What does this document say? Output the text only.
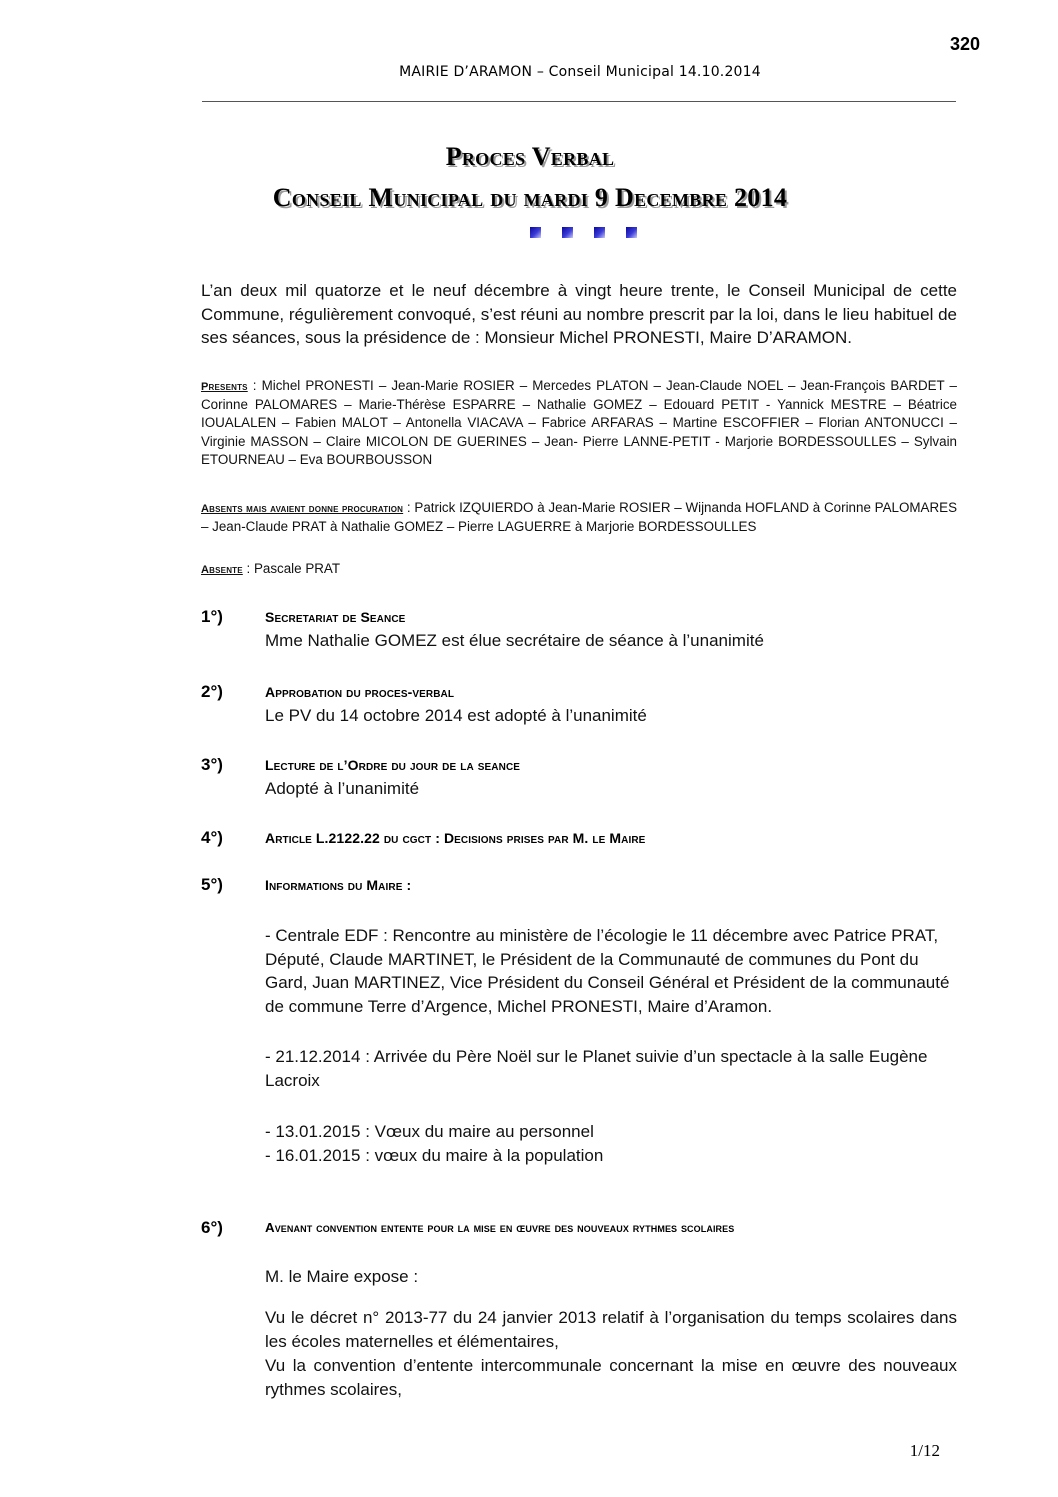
320
MAIRIE D’ARAMON – Conseil Municipal 14.10.2014
Proces Verbal
Conseil Municipal du mardi 9 Decembre 2014
L’an deux mil quatorze et le neuf décembre à vingt heure trente, le Conseil Municipal de cette Commune, régulièrement convoqué, s’est réuni au nombre prescrit par la loi, dans le lieu habituel de ses séances, sous la présidence de : Monsieur Michel PRONESTI, Maire D’ARAMON.
Presents : Michel PRONESTI – Jean-Marie ROSIER – Mercedes PLATON – Jean-Claude NOEL – Jean-François BARDET – Corinne PALOMARES – Marie-Thérèse ESPARRE – Nathalie GOMEZ – Edouard PETIT - Yannick MESTRE – Béatrice IOUALALEN – Fabien MALOT – Antonella VIACAVA – Fabrice ARFARAS – Martine ESCOFFIER – Florian ANTONUCCI – Virginie MASSON – Claire MICOLON DE GUERINES – Jean- Pierre LANNE-PETIT - Marjorie BORDESSOULLES – Sylvain ETOURNEAU – Eva BOURBOUSSON
Absents mais avaient donne procuration : Patrick IZQUIERDO à Jean-Marie ROSIER – Wijnanda HOFLAND à Corinne PALOMARES – Jean-Claude PRAT à Nathalie GOMEZ – Pierre LAGUERRE à Marjorie BORDESSOULLES
Absente : Pascale PRAT
1°)	Secretariat de Seance
Mme Nathalie GOMEZ est élue secrétaire de séance à l’unanimité
2°)	Approbation du proces-verbal
Le PV du 14 octobre 2014 est adopté à l’unanimité
3°)	Lecture de l’Ordre du jour de la seance
Adopté à l’unanimité
4°)	Article L.2122.22 du cgct : Decisions prises par M. le Maire
5°)	Informations du Maire :
- Centrale EDF : Rencontre au ministère de l’écologie le 11 décembre avec Patrice PRAT, Député, Claude MARTINET, le Président de la Communauté de communes du Pont du Gard, Juan MARTINEZ, Vice Président du Conseil Général et Président de la communauté de commune Terre d’Argence, Michel PRONESTI, Maire d’Aramon.
- 21.12.2014 : Arrivée du Père Noël sur le Planet suivie d’un spectacle à la salle Eugène Lacroix
- 13.01.2015 : Vœux du maire au personnel
- 16.01.2015 : vœux du maire à la population
6°)	Avenant convention entente pour la mise en œuvre des nouveaux rythmes scolaires
M. le Maire expose :
Vu le décret n° 2013-77 du 24 janvier 2013 relatif à l’organisation du temps scolaires dans les écoles maternelles et élémentaires,
Vu la convention d’entente intercommunale concernant la mise en œuvre des nouveaux rythmes scolaires,
1/12
